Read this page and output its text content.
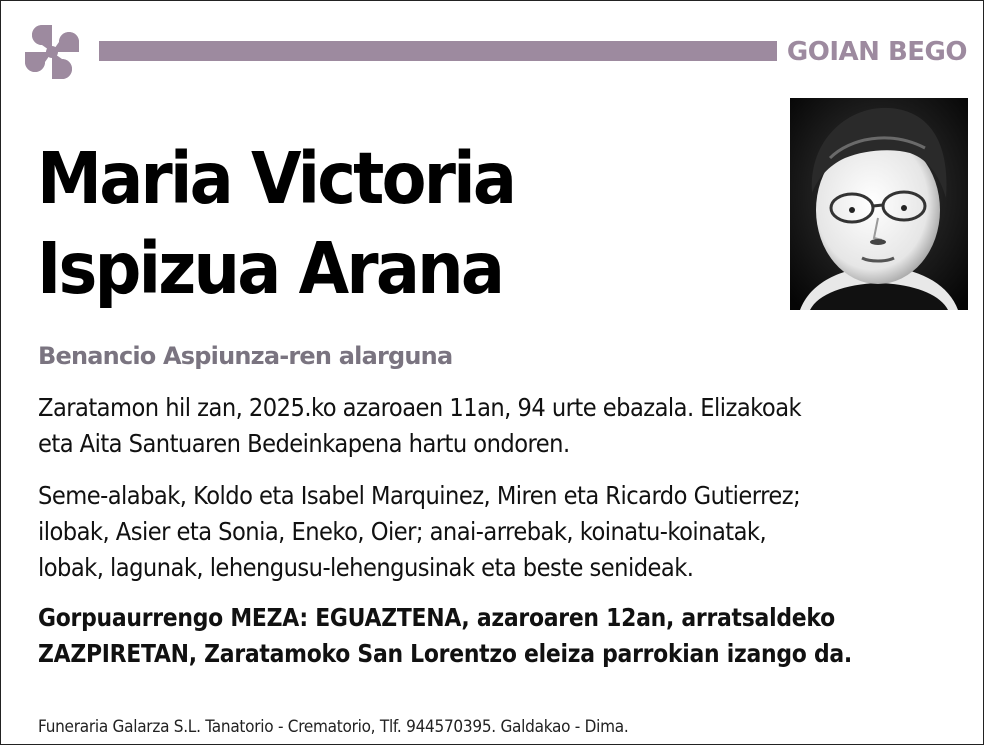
GOIAN BEGO
Maria Victoria
Ispizua Arana
Benancio Aspiunza-ren alarguna
Zaratamon hil zan, 2025.ko azaroaen 11an, 94 urte ebazala. Elizakoak
eta Aita Santuaren Bedeinkapena hartu ondoren.
Seme-alabak, Koldo eta Isabel Marquinez, Miren eta Ricardo Gutierrez;
ilobak, Asier eta Sonia, Eneko, Oier; anai-arrebak, koinatu-koinatak,
lobak, lagunak, lehengusu-lehengusinak eta beste senideak.
Gorpuaurrengo MEZA: EGUAZTENA, azaroaren 12an, arratsaldeko
ZAZPIRETAN, Zaratamoko San Lorentzo eleiza parrokian izango da.
Funeraria Galarza S.L. Tanatorio - Crematorio, Tlf. 944570395. Galdakao - Dima.
